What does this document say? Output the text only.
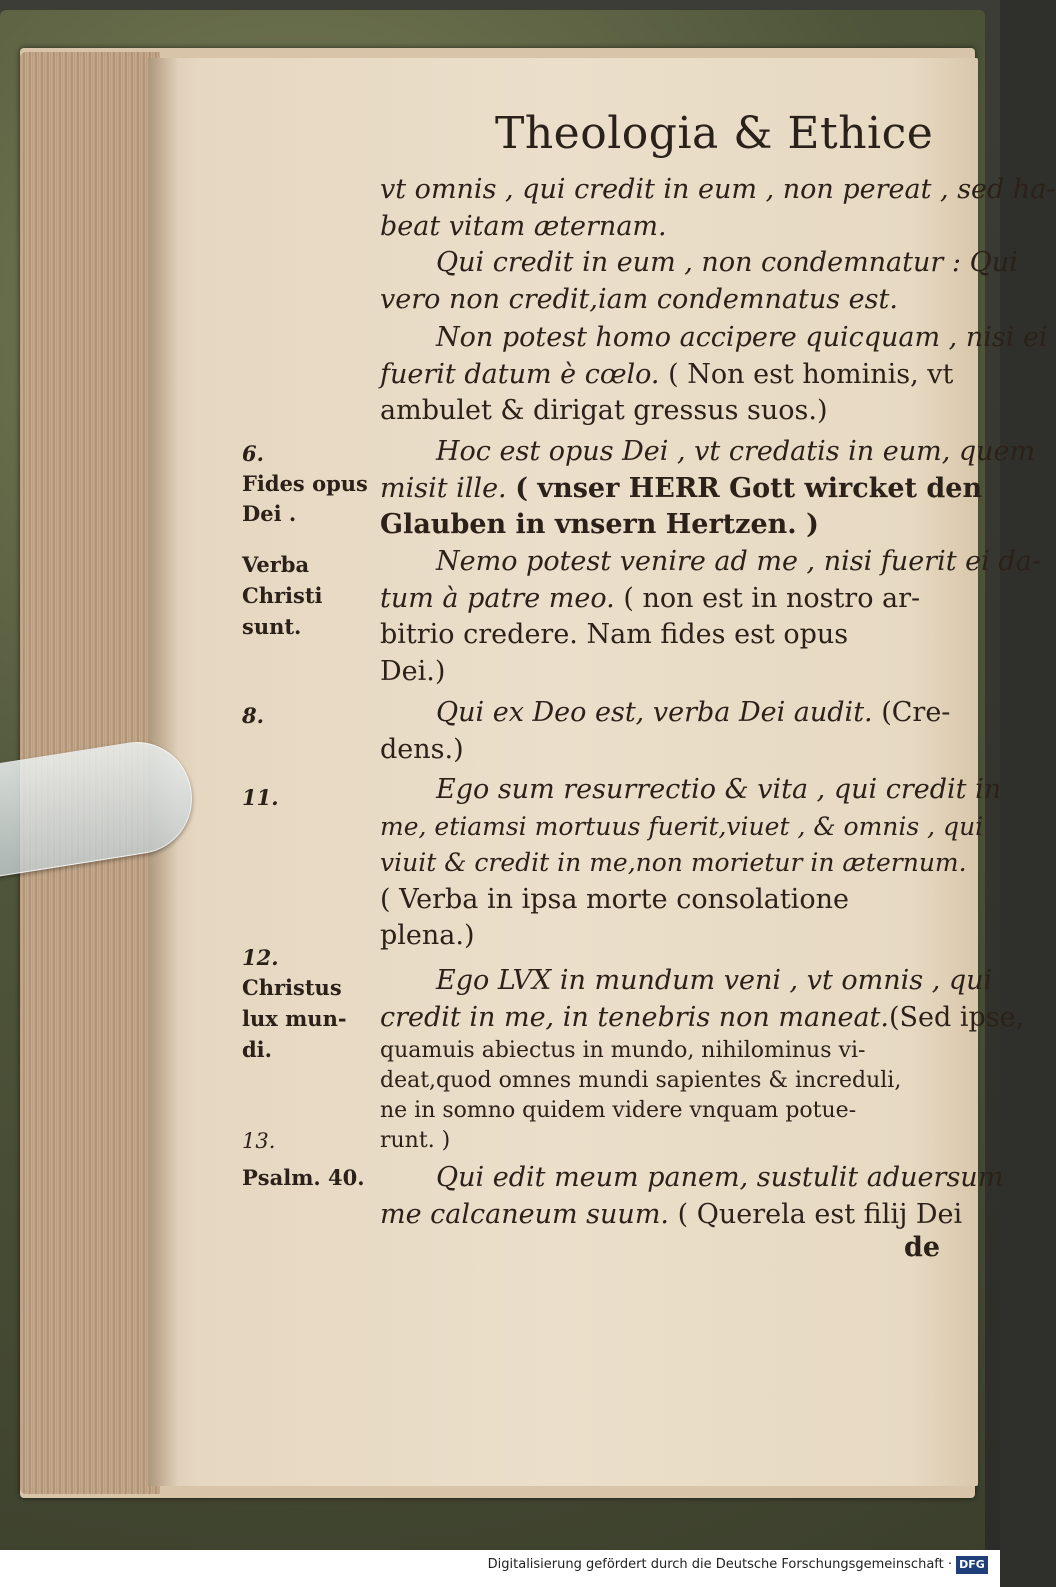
Theologia & Ethice
vt omnis , qui credit in eum , non pereat , sed ha-
beat vitam æternam.
Qui credit in eum , non condemnatur : Qui
vero non credit,iam condemnatus est.
Non potest homo accipere quicquam , nisi ei
fuerit datum è cœlo. ( Non est hominis, vt
ambulet & dirigat gressus suos.)
Hoc est opus Dei , vt credatis in eum, quem
misit ille. ( vnser HERR Gott wircket den
Glauben in vnsern Hertzen. )
Nemo potest venire ad me , nisi fuerit ei da-
tum à patre meo. ( non est in nostro ar-
bitrio credere. Nam fides est opus
Dei.)
Qui ex Deo est, verba Dei audit. (Cre-
dens.)
Ego sum resurrectio & vita , qui credit in
me, etiamsi mortuus fuerit,viuet , & omnis , qui
viuit & credit in me,non morietur in æternum.
( Verba in ipsa morte consolatione
plena.)
Ego LVX in mundum veni , vt omnis , qui
credit in me, in tenebris non maneat.(Sed ipse,
quamuis abiectus in mundo, nihilominus vi-
deat,quod omnes mundi sapientes & increduli,
ne in somno quidem videre vnquam potue-
runt. )
Qui edit meum panem, sustulit aduersum
me calcaneum suum. ( Querela est filij Dei
de
6.
Fides opus
Dei .
Verba
Christi
sunt.
8.
11.
12.
Christus
lux mun-
di.
13.
Psalm. 40.
Digitalisierung gefördert durch die Deutsche Forschungsgemeinschaft · DFG
